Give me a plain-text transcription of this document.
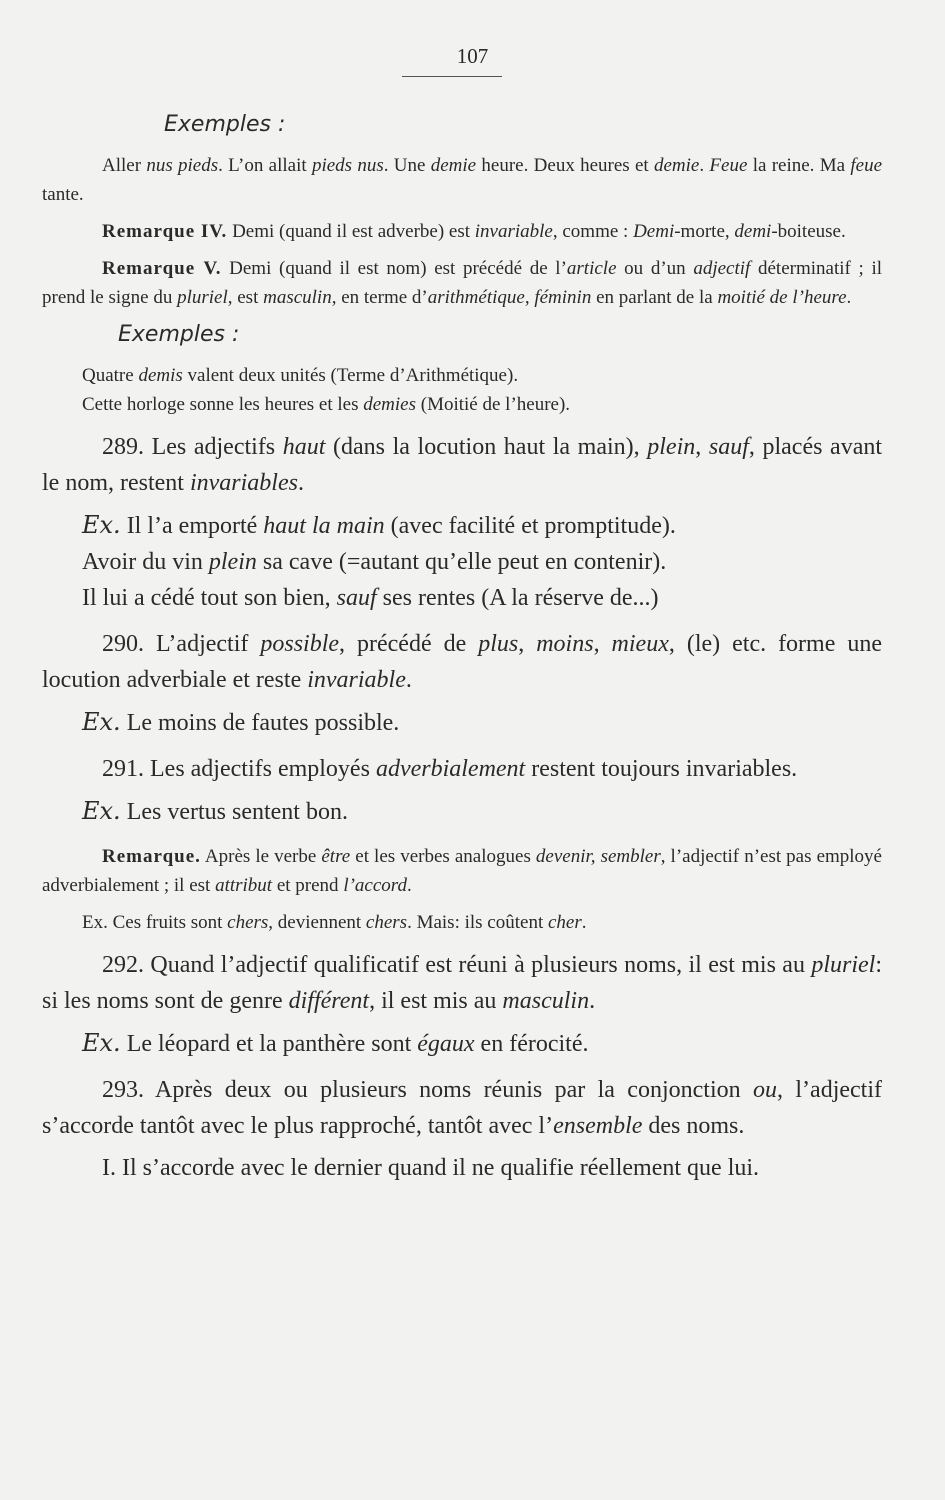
107
Exemples :

Aller nus pieds. L’on allait pieds nus. Une demie heure. Deux heures et demie. Feue la reine. Ma feue tante.

Remarque IV. Demi (quand il est adverbe) est invariable, comme : Demi-morte, demi-boiteuse.

Remarque V. Demi (quand il est nom) est précédé de l’article ou d’un adjectif déterminatif ; il prend le signe du pluriel, est masculin, en terme d’arithmétique, féminin en parlant de la moitié de l’heure.

Exemples :

Quatre demis valent deux unités (Terme d’Arithmétique).

Cette horloge sonne les heures et les demies (Moitié de l’heure).

289. Les adjectifs haut (dans la locution haut la main), plein, sauf, placés avant le nom, restent invariables.

Ex. Il l’a emporté haut la main (avec facilité et promptitude).

Avoir du vin plein sa cave (=autant qu’elle peut en contenir).

Il lui a cédé tout son bien, sauf ses rentes (A la réserve de...)

290. L’adjectif possible, précédé de plus, moins, mieux, (le) etc. forme une locution adverbiale et reste invariable.

Ex. Le moins de fautes possible.

291. Les adjectifs employés adverbialement restent toujours invariables.

Ex. Les vertus sentent bon.

Remarque. Après le verbe être et les verbes analogues devenir, sembler, l’adjectif n’est pas employé adverbialement ; il est attribut et prend l’accord.

Ex. Ces fruits sont chers, deviennent chers. Mais: ils coûtent cher.

292. Quand l’adjectif qualificatif est réuni à plusieurs noms, il est mis au pluriel: si les noms sont de genre différent, il est mis au masculin.

Ex. Le léopard et la panthère sont égaux en férocité.

293. Après deux ou plusieurs noms réunis par la conjonction ou, l’adjectif s’accorde tantôt avec le plus rapproché, tantôt avec l’ensemble des noms.

I. Il s’accorde avec le dernier quand il ne qualifie réellement que lui.
